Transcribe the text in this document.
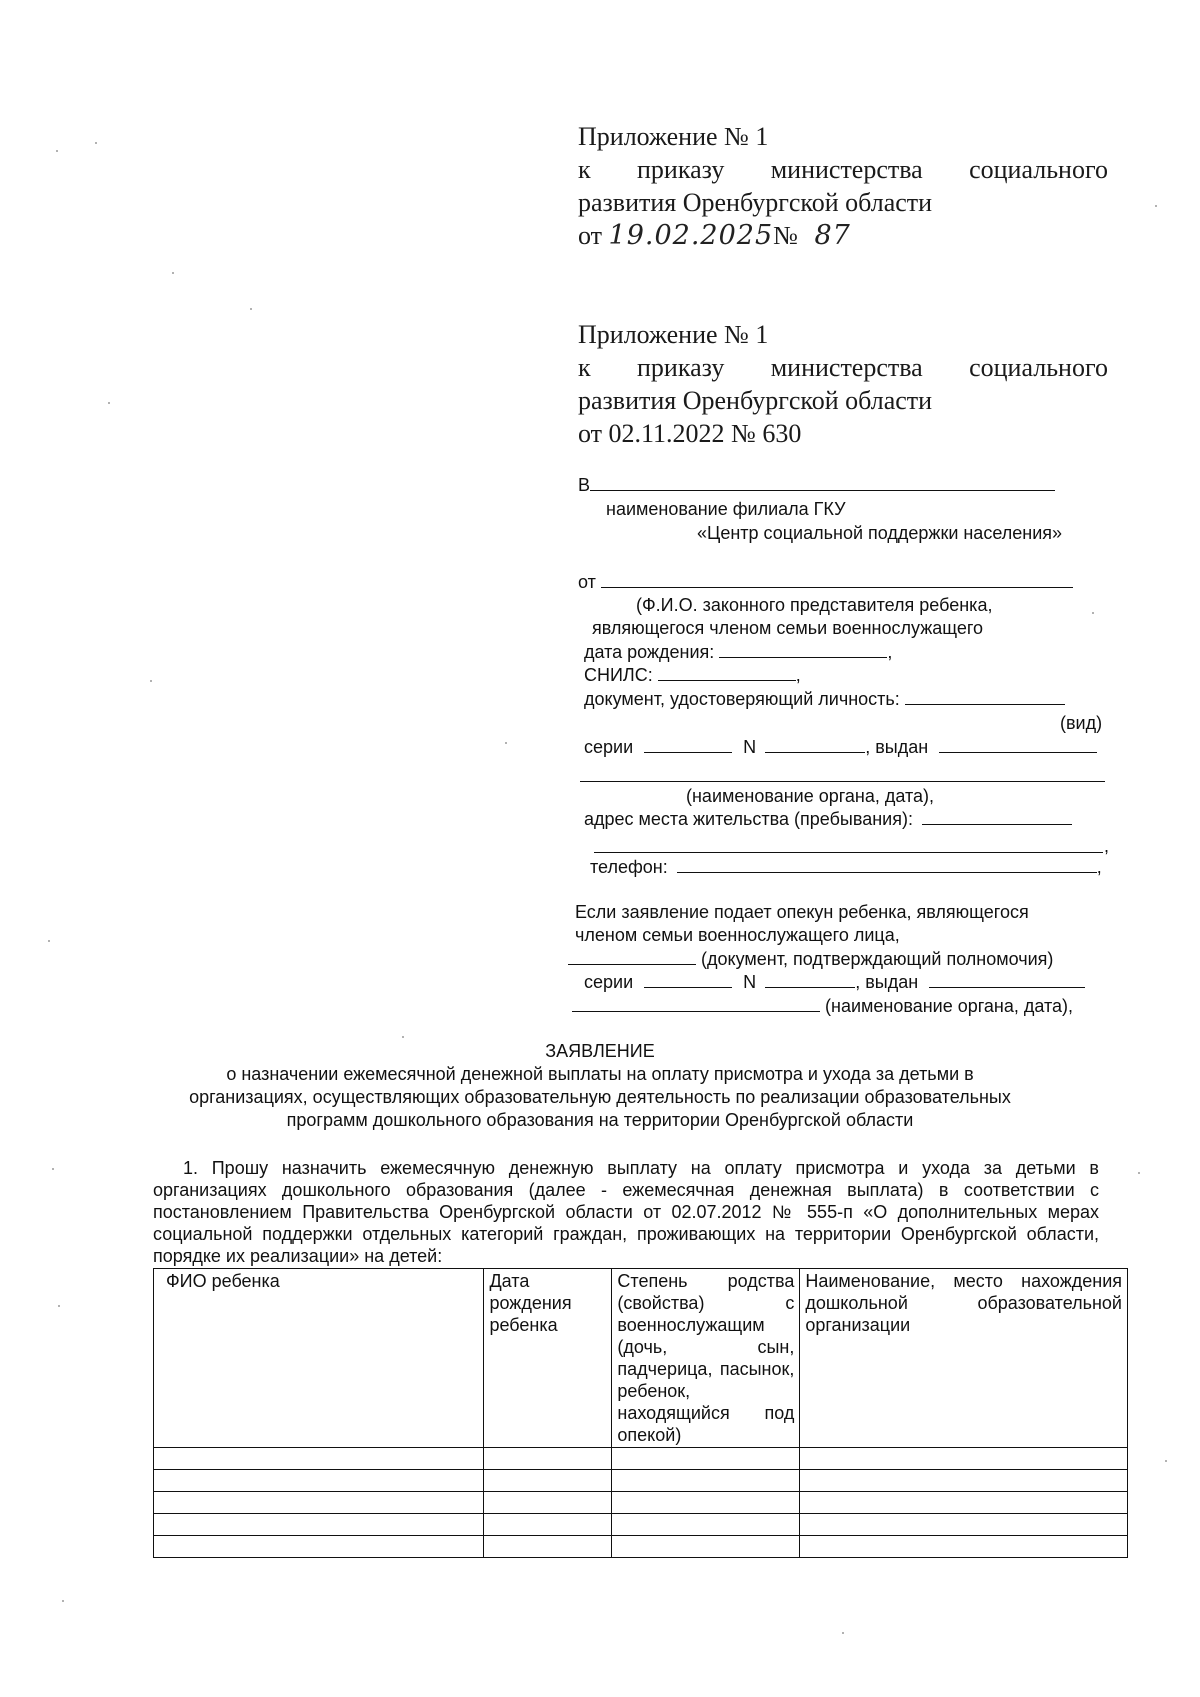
Приложение № 1
к приказу министерства социального
развития Оренбургской области
от 19.02.2025№ 87
Приложение № 1
к приказу министерства социального
развития Оренбургской области
от 02.11.2022 № 630
В
наименование филиала ГКУ
«Центр социальной поддержки населения»
от
(Ф.И.О. законного представителя ребенка,
являющегося членом семьи военнослужащего
дата рождения:	,
СНИЛС:	,
документ, удостоверяющий личность:
(вид)
серии	N	, выдан
(наименование органа, дата),
адрес места жительства (пребывания):
,
телефон:	,
Если заявление подает опекун ребенка, являющегося
членом семьи военнослужащего лица,
(документ, подтверждающий полномочия)
серии	N	, выдан
(наименование органа, дата),
ЗАЯВЛЕНИЕ
о назначении ежемесячной денежной выплаты на оплату присмотра и ухода за детьми в
организациях, осуществляющих образовательную деятельность по реализации образовательных
программ дошкольного образования на территории Оренбургской области
1. Прошу назначить ежемесячную денежную выплату на оплату присмотра и ухода за детьми в организациях дошкольного образования (далее - ежемесячная денежная выплата) в соответствии с постановлением Правительства Оренбургской области от 02.07.2012 № 555-п «О дополнительных мерах социальной поддержки отдельных категорий граждан, проживающих на территории Оренбургской области, порядке их реализации» на детей:
ФИО ребенка	Дата рождения ребенка	Степень родства (свойства) с военнослужащим (дочь, сын, падчерица, пасынок, ребенок, находящийся под опекой)	Наименование, место нахождения дошкольной образовательной организации
